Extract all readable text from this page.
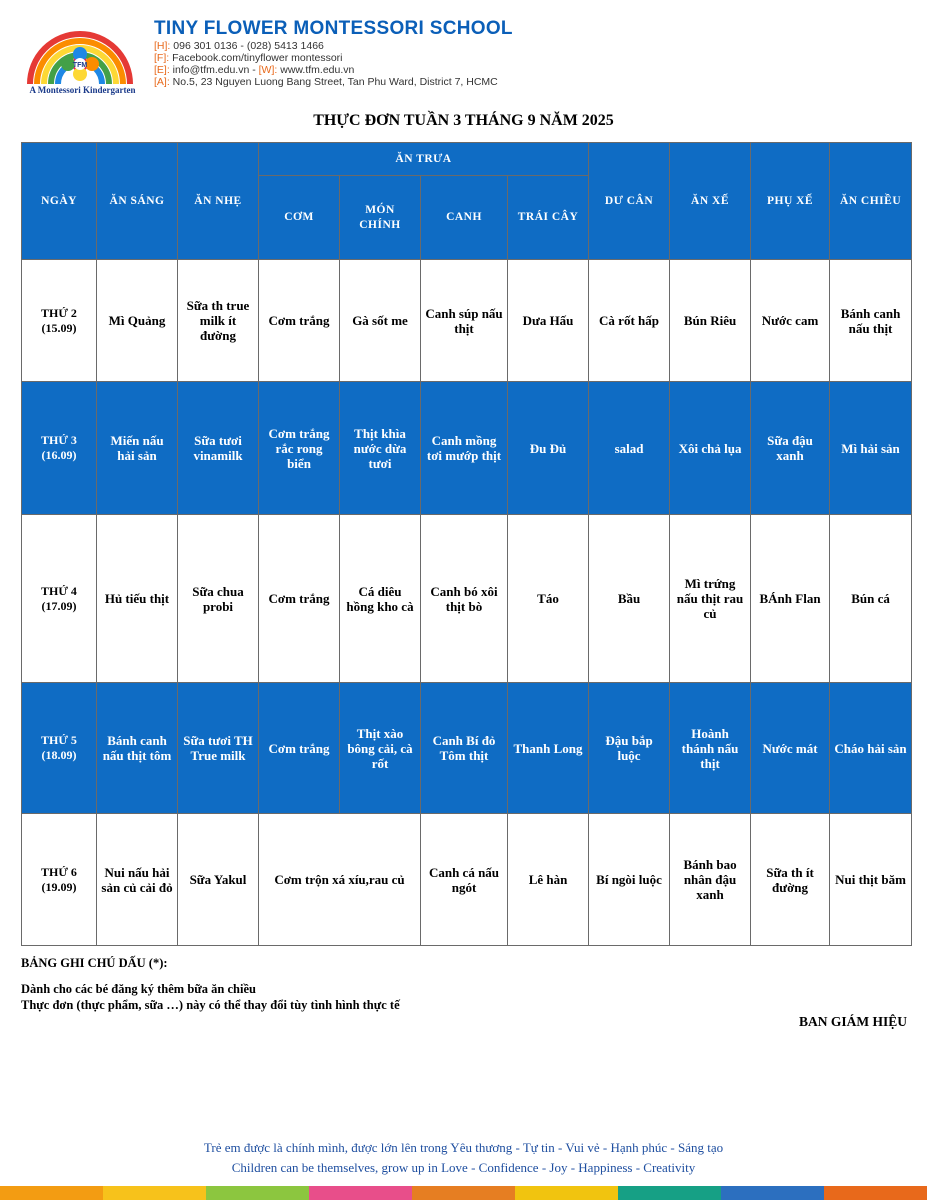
TFM
A Montessori Kindergarten
TINY FLOWER MONTESSORI SCHOOL
[H]: 096 301 0136 - (028) 5413 1466
[F]: Facebook.com/tinyflower montessori
[E]: info@tfm.edu.vn - [W]: www.tfm.edu.vn
[A]: No.5, 23 Nguyen Luong Bang Street, Tan Phu Ward, District 7, HCMC
THỰC ĐƠN TUẦN 3 THÁNG 9 NĂM 2025
NGÀY	ĂN SÁNG	ĂN NHẸ	ĂN TRƯA				DƯ CÂN	ĂN XẾ	PHỤ XẾ	ĂN CHIỀU
			CƠM	MÓN CHÍNH	CANH	TRÁI CÂY				

THỨ 2
(15.09)	Mì Quảng	Sữa th true milk ít đường	Cơm trắng	Gà sốt me	Canh súp nấu thịt	Dưa Hấu	Cà rốt hấp	Bún Riêu	Nước cam	Bánh canh nấu thịt

THỨ 3
(16.09)	Miến nấu hải sản	Sữa tươi vinamilk	Cơm trắng rắc rong biển	Thịt khìa nước dừa tươi	Canh mồng tơi mướp thịt	Đu Đủ	salad	Xôi chả lụa	Sữa đậu xanh	Mì hải sản

THỨ 4
(17.09)	Hủ tiếu thịt	Sữa chua probi	Cơm trắng	Cá diêu hồng kho cà	Canh bó xôi thịt bò	Táo	Bầu	Mì trứng nấu thịt rau củ	BÁnh Flan	Bún cá

THỨ 5
(18.09)	Bánh canh nấu thịt tôm	Sữa tươi TH True milk	Cơm trắng	Thịt xào bông cải, cà rốt	Canh Bí đỏ Tôm thịt	Thanh Long	Đậu bắp luộc	Hoành thánh nấu thịt	Nước mát	Cháo hải sản

THỨ 6
(19.09)	Nui nấu hải sản củ cải đỏ	Sữa Yakul	Cơm trộn xá xíu,rau củ		Canh cá nấu ngót	Lê hàn	Bí ngòi luộc	Bánh bao nhân đậu xanh	Sữa th ít đường	Nui thịt băm
BẢNG GHI CHÚ DẤU (*):
Dành cho các bé đăng ký thêm bữa ăn chiều
Thực đơn (thực phẩm, sữa …) này có thể thay đổi tùy tình hình thực tế
BAN GIÁM HIỆU
Trẻ em được là chính mình, được lớn lên trong Yêu thương - Tự tin - Vui vẻ - Hạnh phúc - Sáng tạo
Children can be themselves, grow up in Love - Confidence - Joy - Happiness - Creativity
